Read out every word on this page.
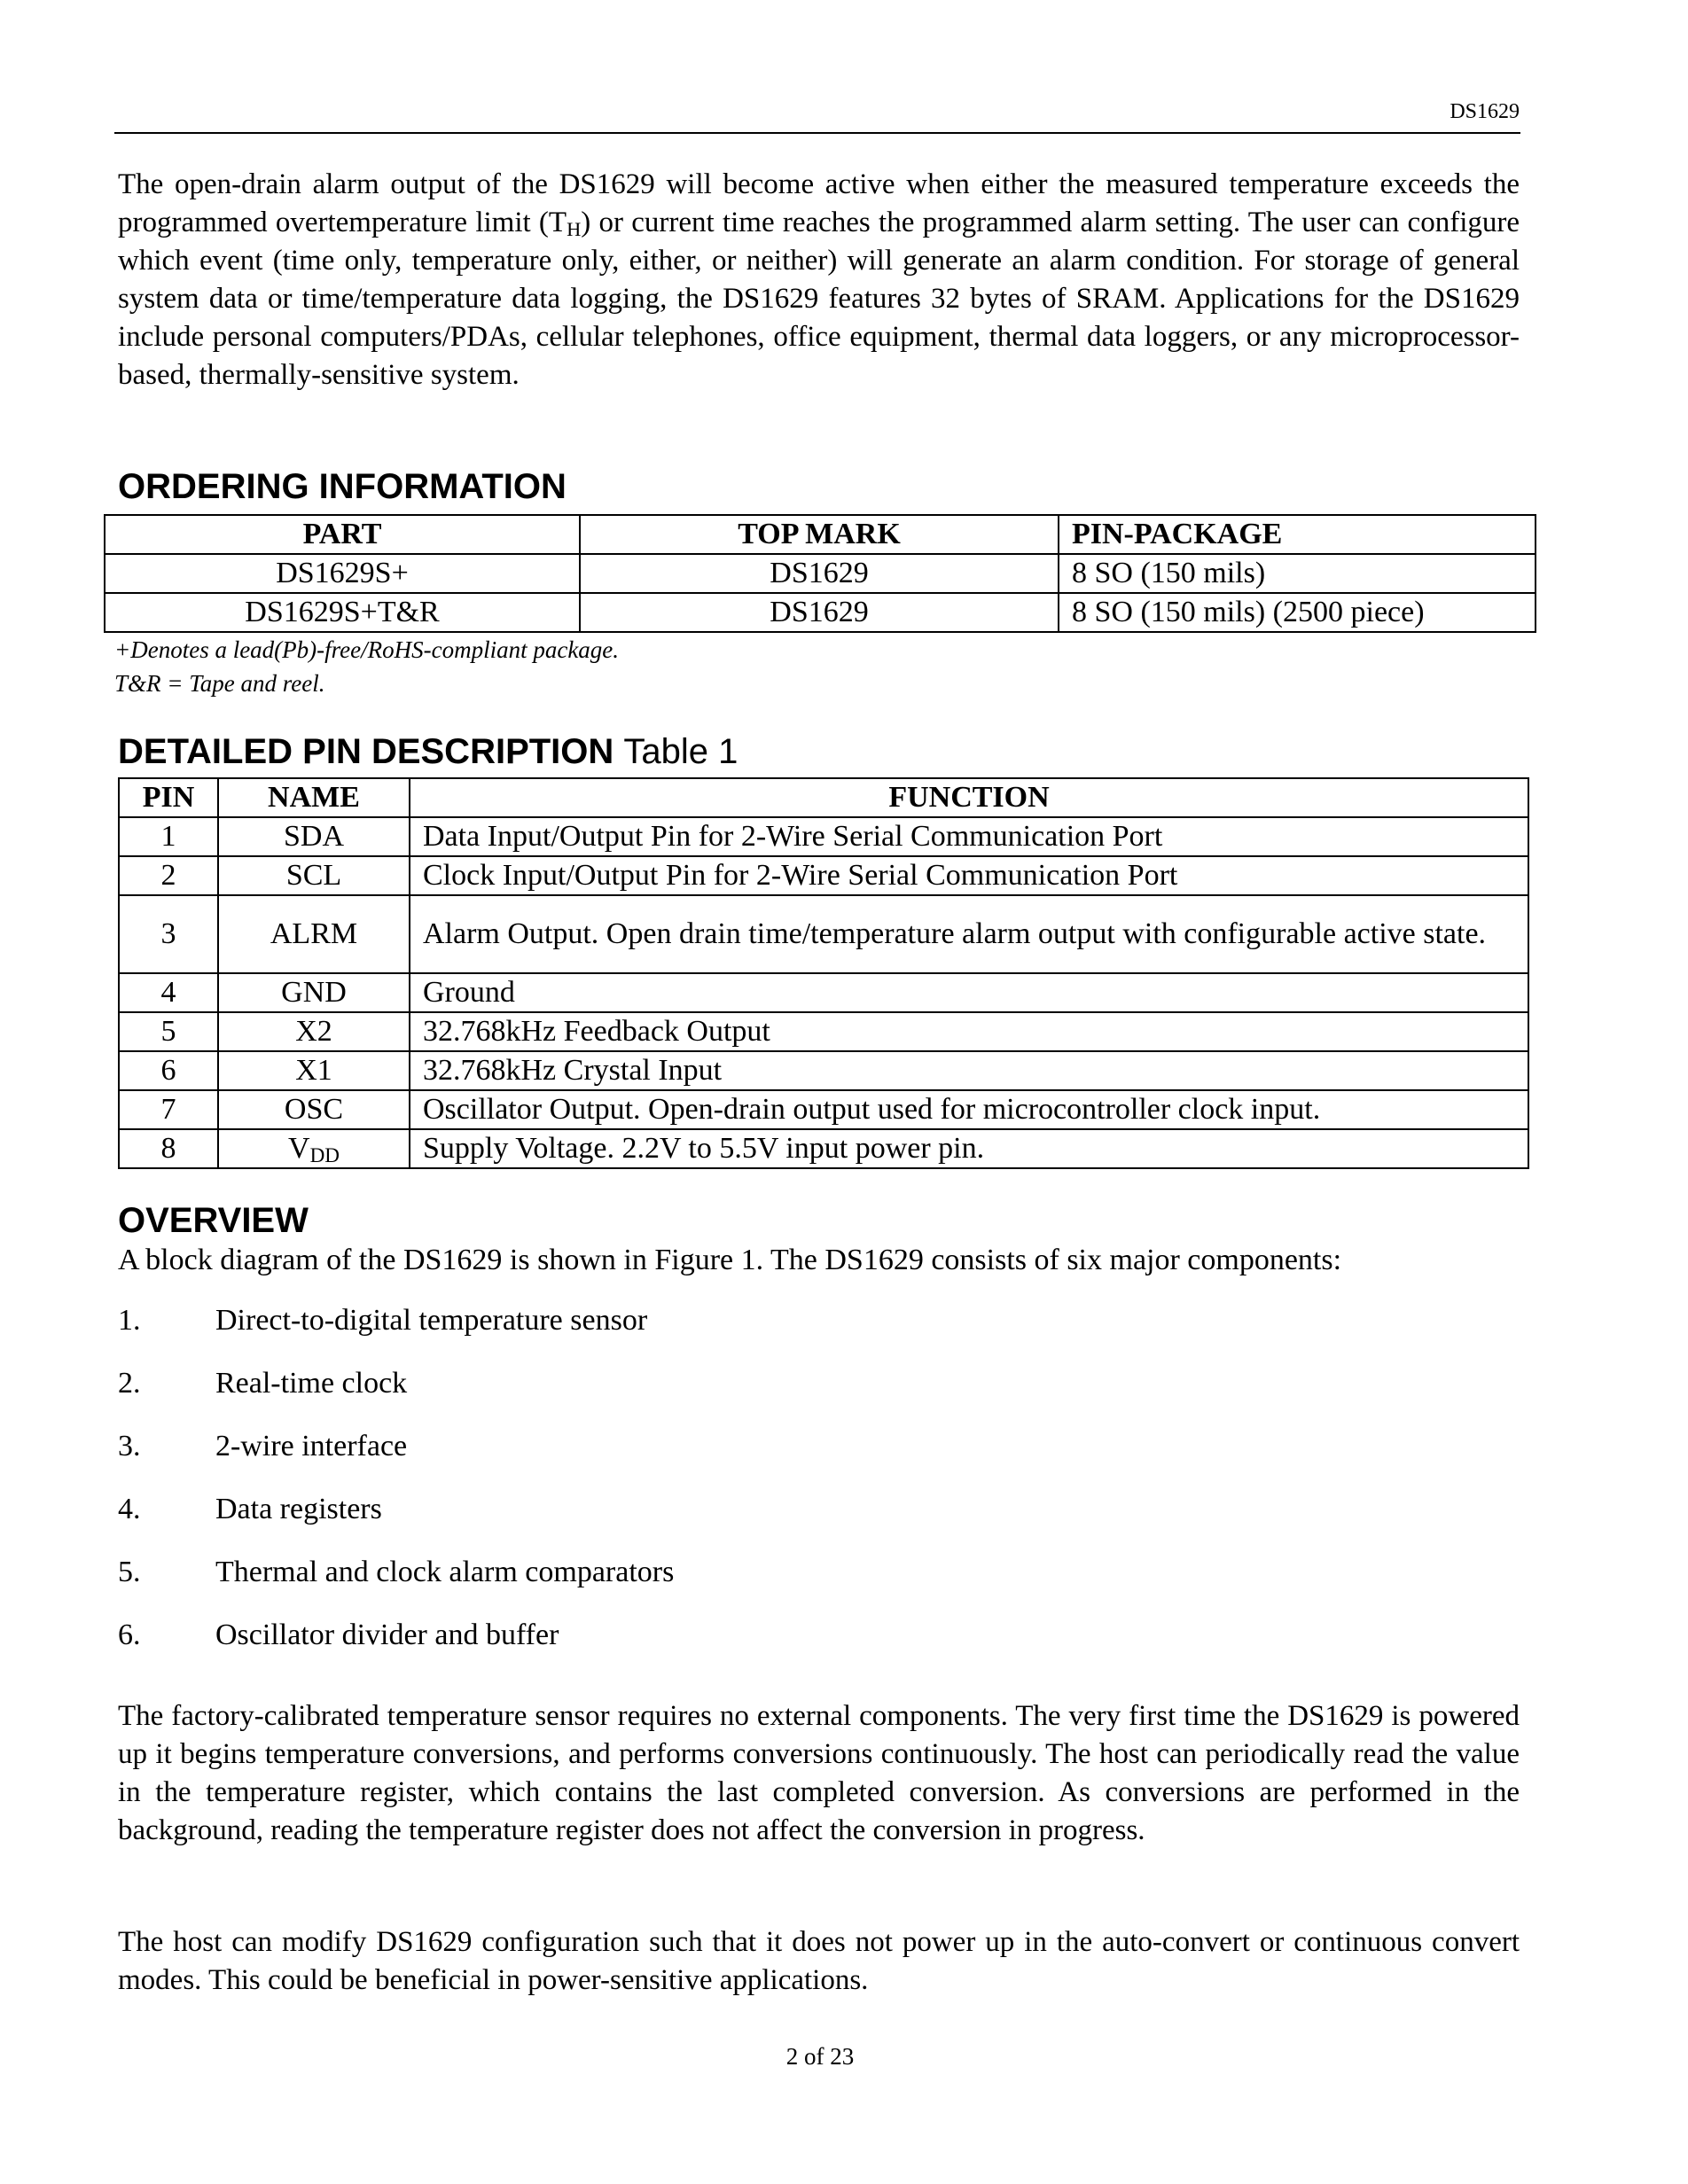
DS1629

The open-drain alarm output of the DS1629 will become active when either the measured temperature exceeds the programmed overtemperature limit $(T_H)$ or current time reaches the programmed alarm setting. The user can configure which event (time only, temperature only, either, or neither) will generate an alarm condition. For storage of general system data or time/temperature data logging, the DS1629 features 32 bytes of SRAM. Applications for the DS1629 include personal computers/PDAs, cellular telephones, office equipment, thermal data loggers, or any microprocessor-based, thermally-sensitive system.

ORDERING INFORMATION
PART	TOP MARK	PIN-PACKAGE
DS1629S+	DS1629	8 SO (150 mils)
DS1629S+T&R	DS1629	8 SO (150 mils) (2500 piece)
+Denotes a lead(Pb)-free/RoHS-compliant package.
T&R = Tape and reel.
DETAILED PIN DESCRIPTION Table 1
PIN	NAME	FUNCTION
1	SDA	Data Input/Output Pin for 2-Wire Serial Communication Port
2	SCL	Clock Input/Output Pin for 2-Wire Serial Communication Port
3	ALRM	Alarm Output. Open drain time/temperature alarm output with configurable active state.
4	GND	Ground
5	X2	32.768kHz Feedback Output
6	X1	32.768kHz Crystal Input
7	OSC	Oscillator Output. Open-drain output used for microcontroller clock input.
8	$V_{DD}$	Supply Voltage. 2.2V to 5.5V input power pin.
OVERVIEW

A block diagram of the DS1629 is shown in Figure 1. The DS1629 consists of six major components:

1.	Direct-to-digital temperature sensor
2.	Real-time clock
3.	2-wire interface
4.	Data registers
5.	Thermal and clock alarm comparators
6.	Oscillator divider and buffer

The factory-calibrated temperature sensor requires no external components. The very first time the DS1629 is powered up it begins temperature conversions, and performs conversions continuously. The host can periodically read the value in the temperature register, which contains the last completed conversion. As conversions are performed in the background, reading the temperature register does not affect the conversion in progress.

The host can modify DS1629 configuration such that it does not power up in the auto-convert or continuous convert modes. This could be beneficial in power-sensitive applications.

2 of 23
